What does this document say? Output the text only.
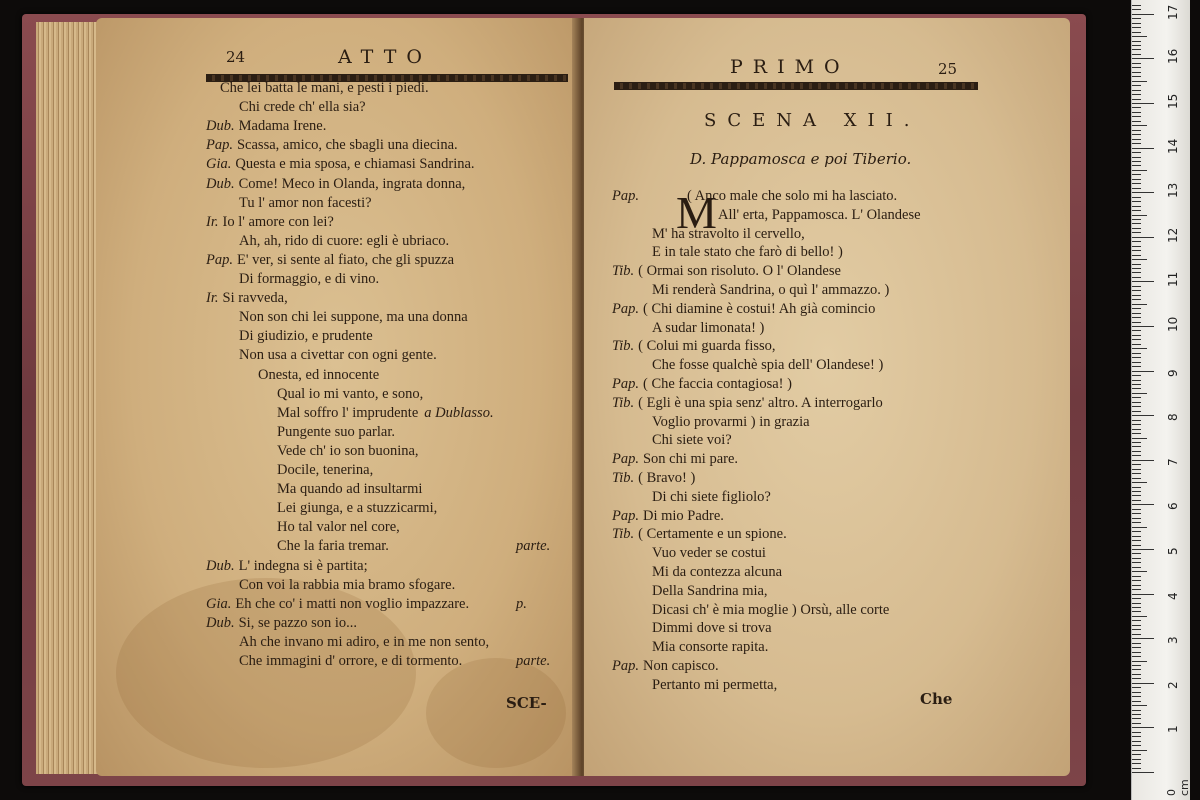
24	ATTO
Che lei batta le mani, e pesti i piedi.
Chi crede ch' ella sia?
Dub. Madama Irene.
Pap. Scassa, amico, che sbagli una diecina.
Gia. Questa e mia sposa, e chiamasi Sandrina.
Dub. Come! Meco in Olanda, ingrata donna,
Tu l' amor non facesti?
Ir. Io l' amore con lei?
Ah, ah, rido di cuore: egli è ubriaco.
Pap. E' ver, si sente al fiato, che gli spuzza
Di formaggio, e di vino.
Ir. Si ravveda,
Non son chi lei suppone, ma una donna
Di giudizio, e prudente
Non usa a civettar con ogni gente.
Onesta, ed innocente
Qual io mi vanto, e sono,
Mal soffro l' imprudente a Dublasso.
Pungente suo parlar.
Vede ch' io son buonina,
Docile, tenerina,
Ma quando ad insultarmi
Lei giunga, e a stuzzicarmi,
Ho tal valor nel core,
Che la faria tremar.	parte.
Dub. L' indegna si è partita;
Con voi la rabbia mia bramo sfogare.
Gia. Eh che co' i matti non voglio impazzare.	p.
Dub. Si, se pazzo son io...
Ah che invano mi adiro, e in me non sento,
Che immagini d' orrore, e di tormento.	parte.
SCE-
PRIMO	25
SCENA XII.
D. Pappamosca e poi Tiberio.
M
Pap.	( Anco male che solo mi ha lasciato.
All' erta, Pappamosca. L' Olandese
M' ha stravolto il cervello,
E in tale stato che farò di bello! )
Tib. ( Ormai son risoluto. O l' Olandese
Mi renderà Sandrina, o quì l' ammazzo. )
Pap. ( Chi diamine è costui! Ah già comincio
A sudar limonata! )
Tib. ( Colui mi guarda fisso,
Che fosse qualchè spia dell' Olandese! )
Pap. ( Che faccia contagiosa! )
Tib. ( Egli è una spia senz' altro. A interrogarlo
Voglio provarmi ) in grazia
Chi siete voi?
Pap. Son chi mi pare.
Tib. ( Bravo! )
Di chi siete figliolo?
Pap. Di mio Padre.
Tib. ( Certamente e un spione.
Vuo veder se costui
Mi da contezza alcuna
Della Sandrina mia,
Dicasi ch' è mia moglie ) Orsù, alle corte
Dimmi dove si trova
Mia consorte rapita.
Pap. Non capisco.
Pertanto mi permetta,
Che
0 cm
1
2
3
4
5
6
7
8
9
10
11
12
13
14
15
16
17
